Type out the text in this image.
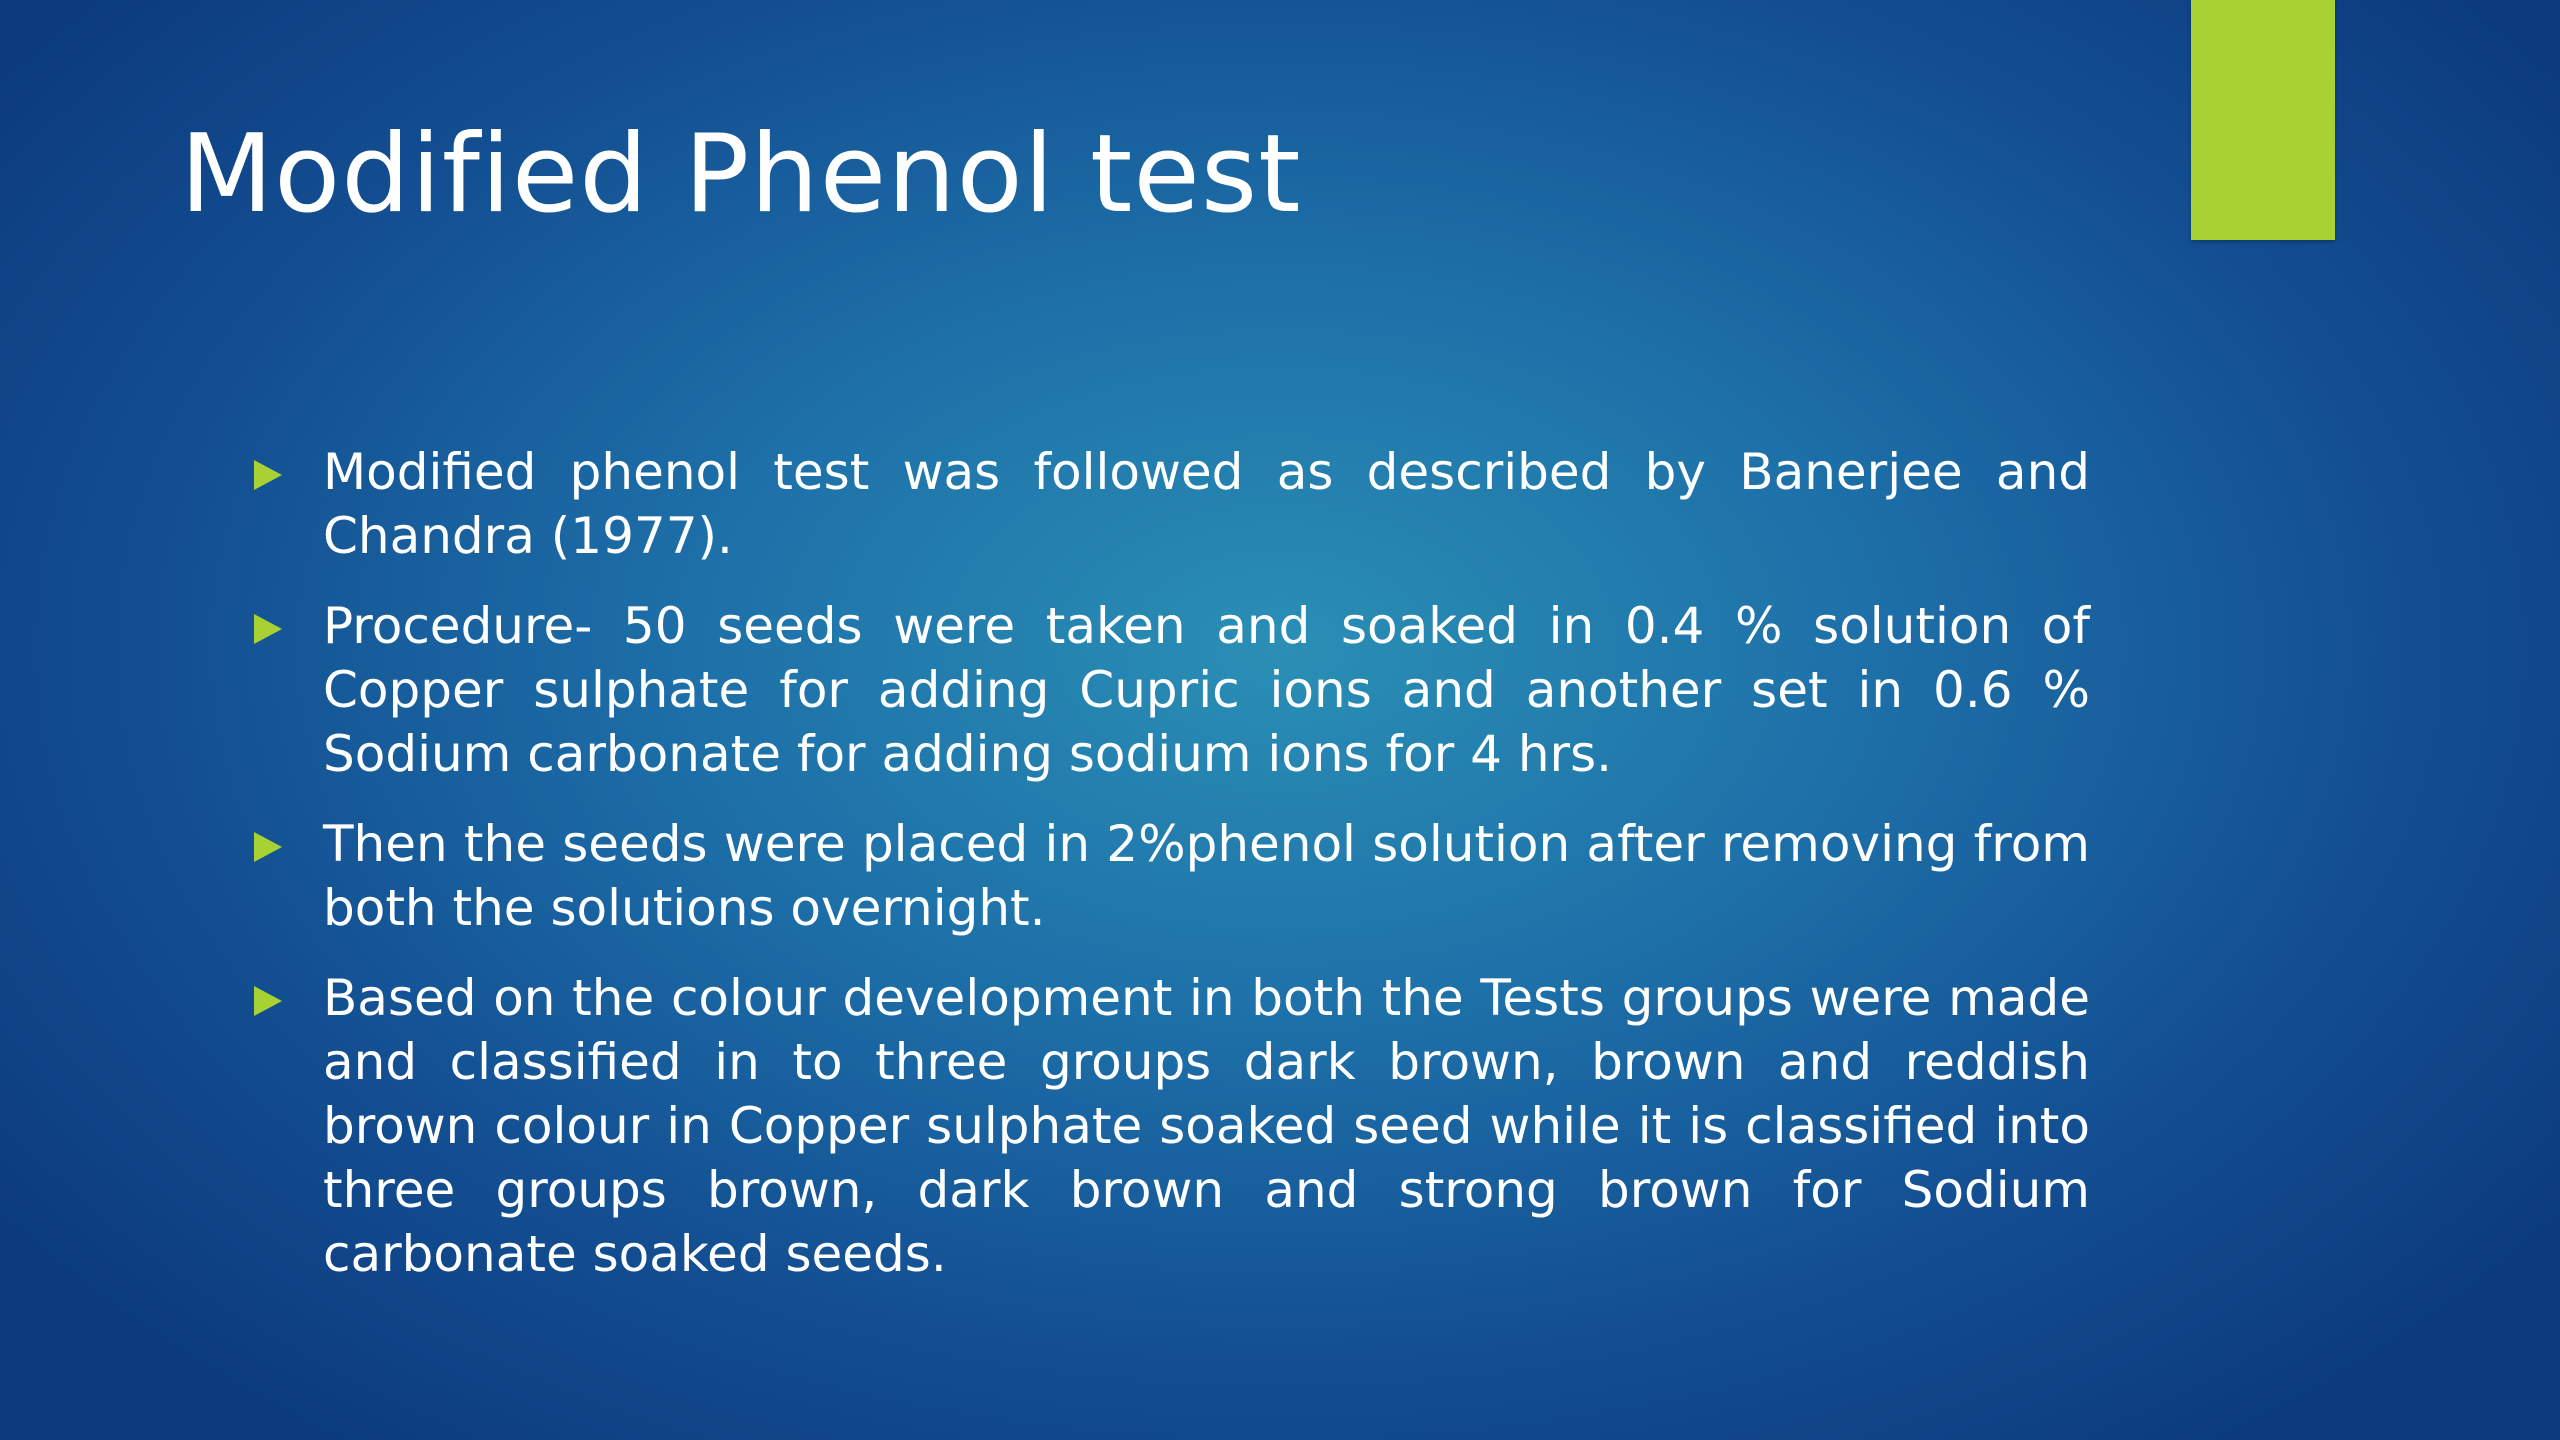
Modified Phenol test
Modified phenol test was followed as described by Banerjee and Chandra (1977).
Procedure- 50 seeds were taken and soaked in 0.4 % solution of Copper sulphate for adding Cupric ions and another set in 0.6 % Sodium carbonate for adding sodium ions for 4 hrs.
Then the seeds were placed in 2%phenol solution after removing from both the solutions overnight.
Based on the colour development in both the Tests groups were made and classified in to three groups dark brown, brown and reddish brown colour in Copper sulphate soaked seed while it is classified into three groups brown, dark brown and strong brown for Sodium carbonate soaked seeds.
